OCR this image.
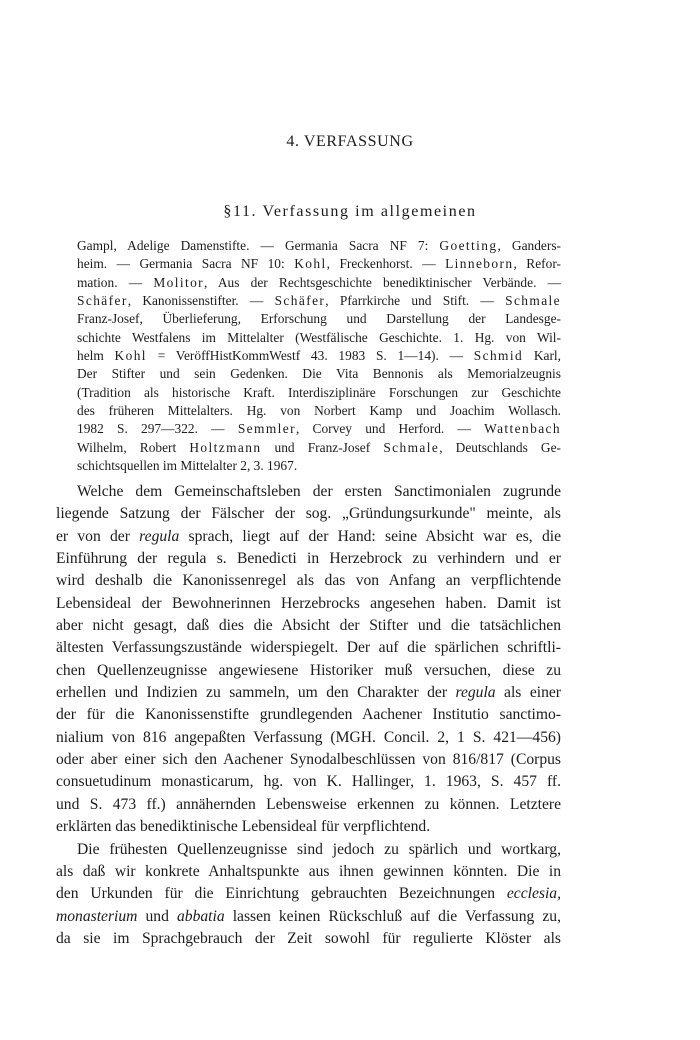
4. VERFASSUNG
§11. Verfassung im allgemeinen
Gampl, Adelige Damenstifte. — Germania Sacra NF 7: Goetting, Ganders-
heim. — Germania Sacra NF 10: Kohl, Freckenhorst. — Linneborn, Refor-
mation. — Molitor, Aus der Rechtsgeschichte benediktinischer Verbände. —
Schäfer, Kanonissenstifter. — Schäfer, Pfarrkirche und Stift. — Schmale
Franz-Josef, Überlieferung, Erforschung und Darstellung der Landesge-
schichte Westfalens im Mittelalter (Westfälische Geschichte. 1. Hg. von Wil-
helm Kohl = VeröffHistKommWestf 43. 1983 S. 1—14). — Schmid Karl,
Der Stifter und sein Gedenken. Die Vita Bennonis als Memorialzeugnis
(Tradition als historische Kraft. Interdisziplinäre Forschungen zur Geschichte
des früheren Mittelalters. Hg. von Norbert Kamp und Joachim Wollasch.
1982 S. 297—322. — Semmler, Corvey und Herford. — Wattenbach
Wilhelm, Robert Holtzmann und Franz-Josef Schmale, Deutschlands Ge-
schichtsquellen im Mittelalter 2, 3. 1967.
Welche dem Gemeinschaftsleben der ersten Sanctimonialen zugrunde
liegende Satzung der Fälscher der sog. „Gründungsurkunde" meinte, als
er von der regula sprach, liegt auf der Hand: seine Absicht war es, die
Einführung der regula s. Benedicti in Herzebrock zu verhindern und er
wird deshalb die Kanonissenregel als das von Anfang an verpflichtende
Lebensideal der Bewohnerinnen Herzebrocks angesehen haben. Damit ist
aber nicht gesagt, daß dies die Absicht der Stifter und die tatsächlichen
ältesten Verfassungszustände widerspiegelt. Der auf die spärlichen schriftli-
chen Quellenzeugnisse angewiesene Historiker muß versuchen, diese zu
erhellen und Indizien zu sammeln, um den Charakter der regula als einer
der für die Kanonissenstifte grundlegenden Aachener Institutio sanctimo-
nialium von 816 angepaßten Verfassung (MGH. Concil. 2, 1 S. 421—456)
oder aber einer sich den Aachener Synodalbeschlüssen von 816/817 (Corpus
consuetudinum monasticarum, hg. von K. Hallinger, 1. 1963, S. 457 ff.
und S. 473 ff.) annähernden Lebensweise erkennen zu können. Letztere
erklärten das benediktinische Lebensideal für verpflichtend.
Die frühesten Quellenzeugnisse sind jedoch zu spärlich und wortkarg,
als daß wir konkrete Anhaltspunkte aus ihnen gewinnen könnten. Die in
den Urkunden für die Einrichtung gebrauchten Bezeichnungen ecclesia,
monasterium und abbatia lassen keinen Rückschluß auf die Verfassung zu,
da sie im Sprachgebrauch der Zeit sowohl für regulierte Klöster als
